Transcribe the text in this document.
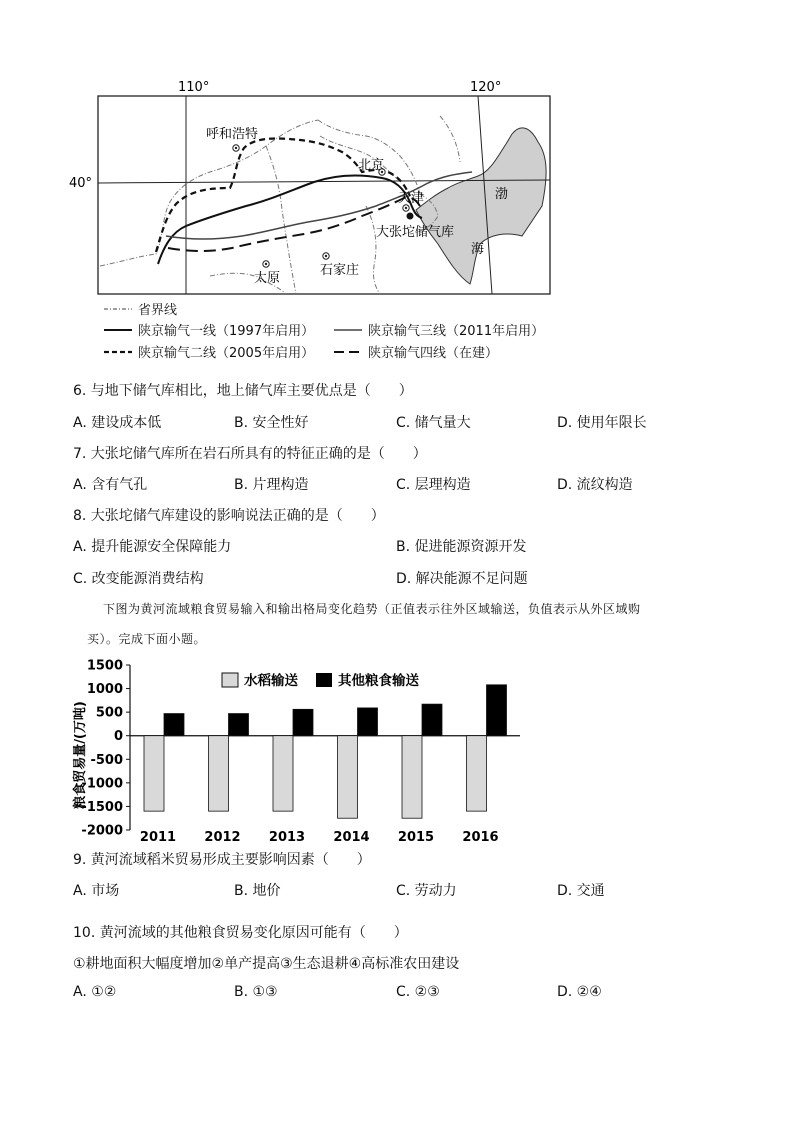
110°	120°
40°
呼和浩特
北京
天津
大张坨储气库
太原
石家庄
渤
海
省界线
陕京输气一线（1997年启用）	陕京输气三线（2011年启用）
陕京输气二线（2005年启用）	陕京输气四线（在建）
6. 与地下储气库相比，地上储气库主要优点是（　　）
A. 建设成本低	B. 安全性好	C. 储气量大	D. 使用年限长
7. 大张坨储气库所在岩石所具有的特征正确的是（　　）
A. 含有气孔	B. 片理构造	C. 层理构造	D. 流纹构造
8. 大张坨储气库建设的影响说法正确的是（　　）
A. 提升能源安全保障能力	B. 促进能源资源开发
C. 改变能源消费结构	D. 解决能源不足问题
下图为黄河流域粮食贸易输入和输出格局变化趋势（正值表示往外区域输送，负值表示从外区域购
买）。完成下面小题。
粮食贸易量/(万吨)
1500
1000
500
0
-500
-1000
-1500
-2000 2011 2012 2013 2014 2015 2016
水稻输送	其他粮食输送
9. 黄河流域稻米贸易形成主要影响因素（　　）
A. 市场	B. 地价	C. 劳动力	D. 交通
10. 黄河流域的其他粮食贸易变化原因可能有（　　）
①耕地面积大幅度增加②单产提高③生态退耕④高标准农田建设
A. ①②	B. ①③	C. ②③	D. ②④
